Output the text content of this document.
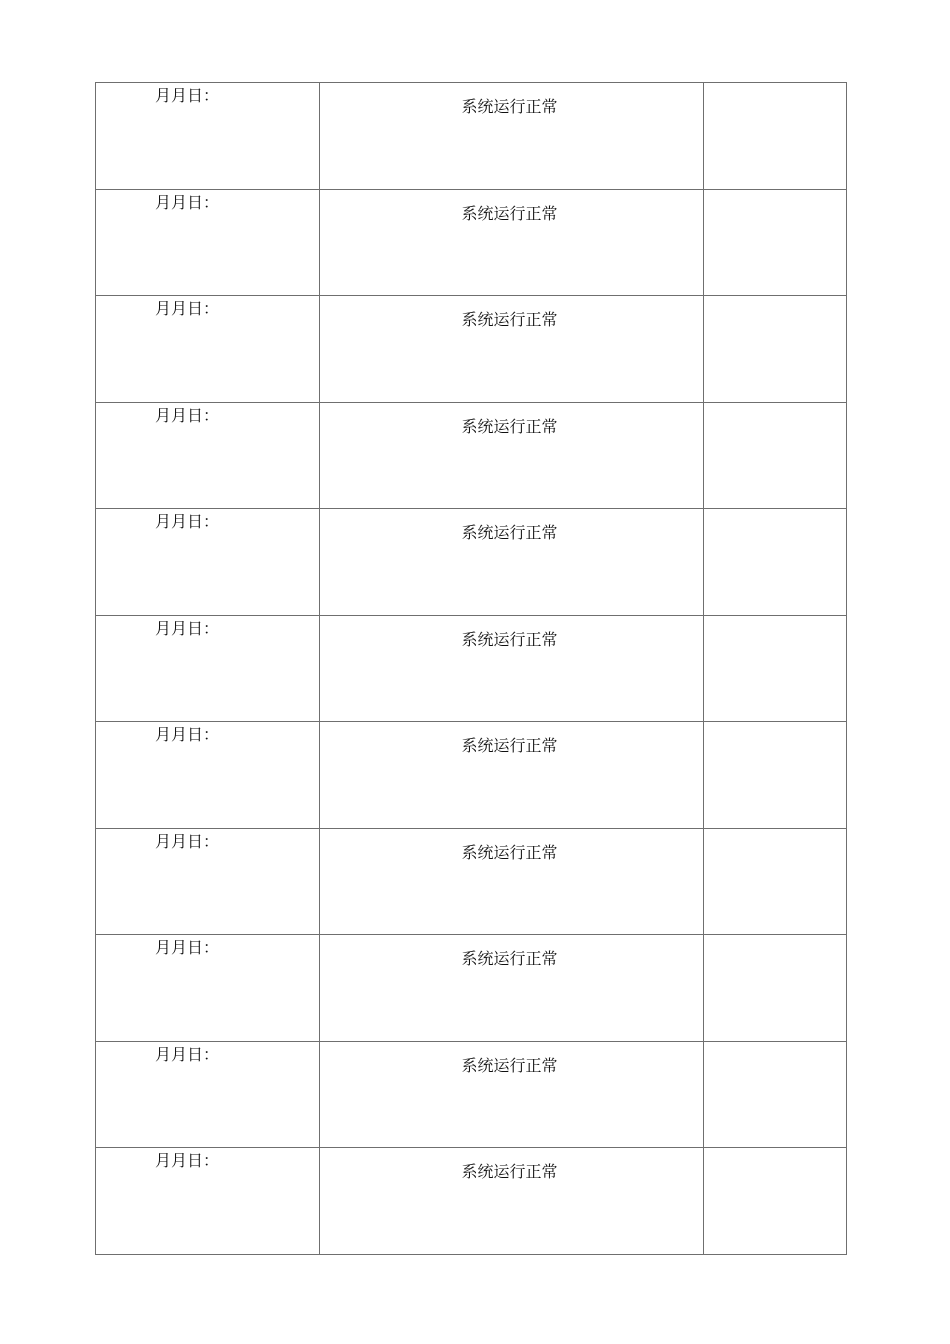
月月日：	系统运行正常	

月月日：	系统运行正常	

月月日：	系统运行正常	

月月日：	系统运行正常	

月月日：	系统运行正常	

月月日：	系统运行正常	

月月日：	系统运行正常	

月月日：	系统运行正常	

月月日：	系统运行正常	

月月日：	系统运行正常	

月月日：	系统运行正常	
